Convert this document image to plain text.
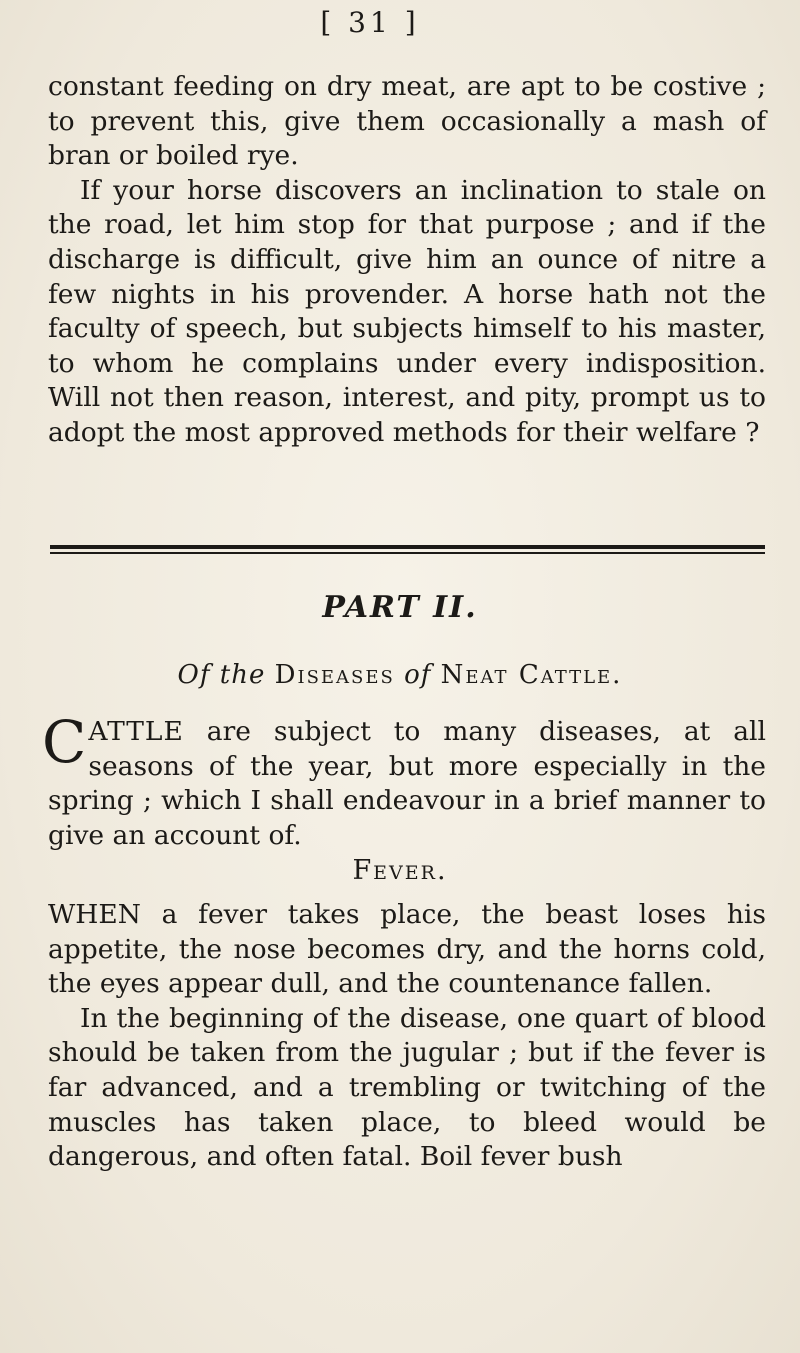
[ 31 ]

constant feeding on dry meat, are apt to be costive ; to prevent this, give them occasionally a mash of bran or boiled rye.

If your horse discovers an inclination to stale on the road, let him stop for that purpose ; and if the discharge is difficult, give him an ounce of nitre a few nights in his provender. A horse hath not the faculty of speech, but subjects himself to his master, to whom he complains under every indisposition. Will not then reason, interest, and pity, prompt us to adopt the most approved methods for their welfare ?

PART II.
Of the Diseases of Neat Cattle.

CATTLE are subject to many diseases, at all seasons of the year, but more especially in the spring ; which I shall endeavour in a brief manner to give an account of.

Fever.

WHEN a fever takes place, the beast loses his appetite, the nose becomes dry, and the horns cold, the eyes appear dull, and the countenance fallen.

In the beginning of the disease, one quart of blood should be taken from the jugular ; but if the fever is far advanced, and a trembling or twitching of the muscles has taken place, to bleed would be dangerous, and often fatal. Boil fever bush
